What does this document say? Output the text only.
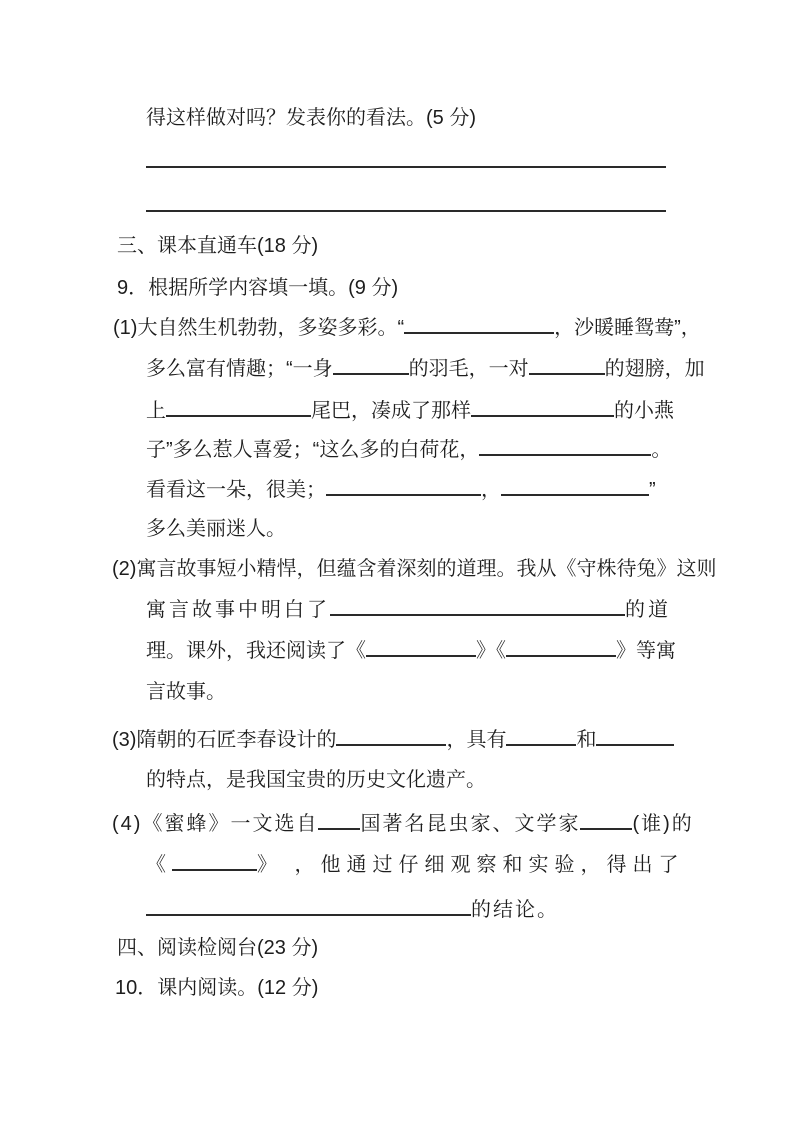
得这样做对吗？发表你的看法。(5 分)
三、课本直通车(18 分)
9．根据所学内容填一填。(9 分)
(1)大自然生机勃勃，多姿多彩。“	，沙暖睡鸳鸯”，
多么富有情趣；“一身	的羽毛，一对	的翅膀，加
上	尾巴，凑成了那样	的小燕
子”多么惹人喜爱；“这么多的白荷花，	。
看看这一朵，很美；	，	”
多么美丽迷人。
(2)寓言故事短小精悍，但蕴含着深刻的道理。我从《守株待兔》这则
寓言故事中明白了	的道
理。课外，我还阅读了《	》《	》等寓
言故事。
(3)隋朝的石匠李春设计的	，具有	和
的特点，是我国宝贵的历史文化遗产。
(4)《蜜蜂》一文选自 国著名昆虫家、文学家	(谁)的
《	》 ，他通过仔细观察和实验，得出了
的结论。
四、阅读检阅台(23 分)
10．课内阅读。(12 分)
